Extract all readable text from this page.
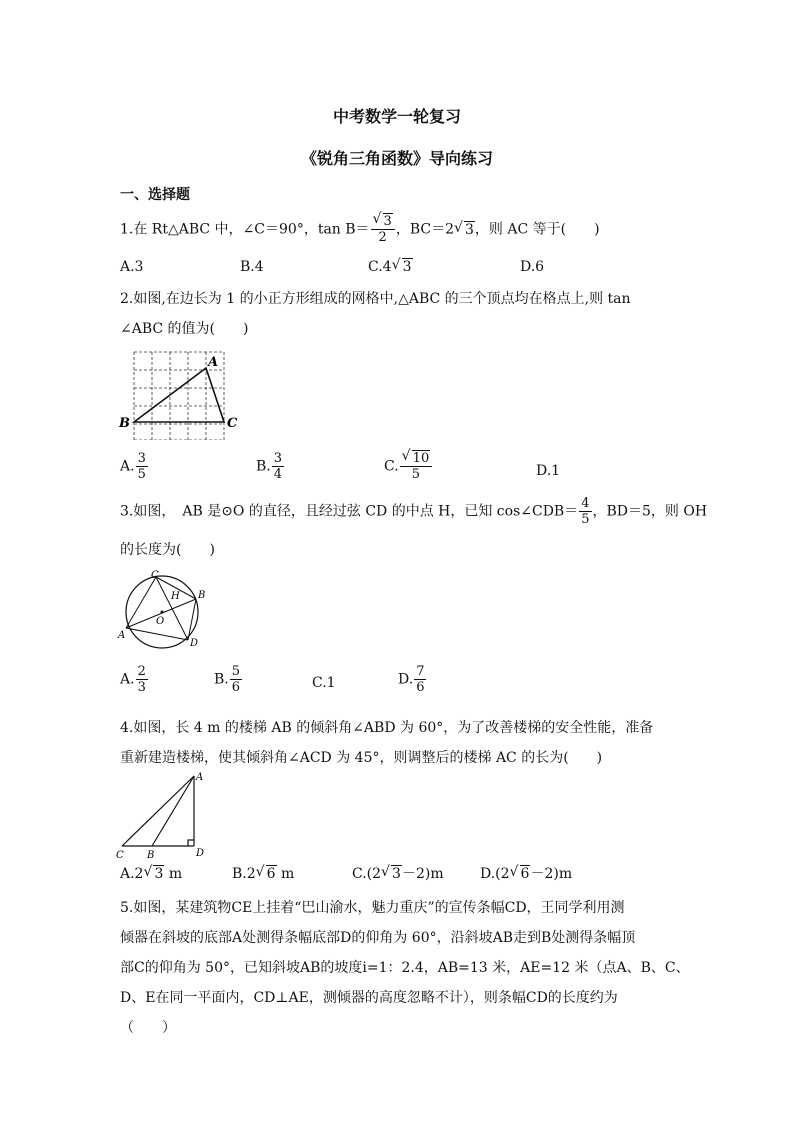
中考数学一轮复习
《锐角三角函数》导向练习
一、选择题
1.在 Rt△ABC 中，∠C＝90°，tan B＝ √ $\frac{3}{2}$ ，BC＝2 √ 3，则 AC 等于(　　)
A.3	B.4	C.4 √ 3	D.6
2.如图,在边长为 1 的小正方形组成的网格中,△ABC 的三个顶点均在格点上,则 tan
∠ABC 的值为(　　)
A
B	C
A. $\frac{3}{5}$	B. $\frac{3}{4}$	C. √ $\frac{10}{5}$	D.1
3.如图，　AB 是⊙O 的直径，且经过弦 CD 的中点 H，已知 cos∠CDB＝ $\frac{4}{5}$ ，BD＝5，则 OH
的长度为(　　)
C
H B
O
A
D
A. $\frac{2}{3}$	B. $\frac{5}{6}$	C.1	D. $\frac{7}{6}$
4.如图，长 4 m 的楼梯 AB 的倾斜角∠ABD 为 60°，为了改善楼梯的安全性能，准备
重新建造楼梯，使其倾斜角∠ACD 为 45°，则调整后的楼梯 AC 的长为(　　)
A
C B	D
A.2 √ 3 m	B.2 √ 6 m	C.(2 √ 3－2)m	D.(2 √ 6－2)m
5.如图，某建筑物CE上挂着“巴山渝水，魅力重庆”的宣传条幅CD，王同学利用测
倾器在斜坡的底部A处测得条幅底部D的仰角为 60°，沿斜坡AB走到B处测得条幅顶
部C的仰角为 50°，已知斜坡AB的坡度i=1：2.4，AB=13 米，AE=12 米（点A、B、C、
D、E在同一平面内，CD⊥AE，测倾器的高度忽略不计），则条幅CD的长度约为
（　　）
